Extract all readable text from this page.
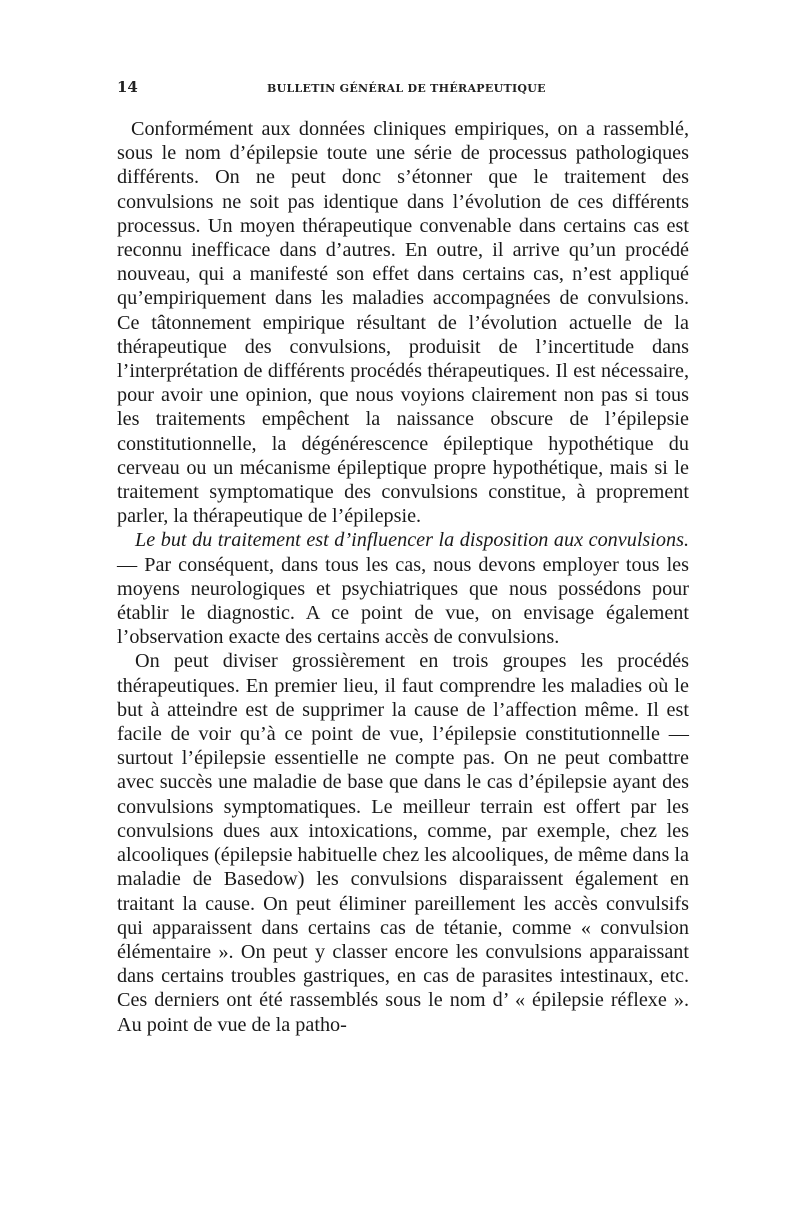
14	BULLETIN GÉNÉRAL DE THÉRAPEUTIQUE

Conformément aux données cliniques empiriques, on a rassemblé, sous le nom d’épilepsie toute une série de processus pathologiques différents. On ne peut donc s’étonner que le traitement des convulsions ne soit pas identique dans l’évolution de ces différents processus. Un moyen thérapeutique convenable dans certains cas est reconnu inefficace dans d’autres. En outre, il arrive qu’un procédé nouveau, qui a manifesté son effet dans certains cas, n’est appliqué qu’empiriquement dans les maladies accompagnées de convulsions. Ce tâtonnement empirique résultant de l’évolution actuelle de la thérapeutique des convulsions, produisit de l’incertitude dans l’interprétation de différents procédés thérapeutiques. Il est nécessaire, pour avoir une opinion, que nous voyions clairement non pas si tous les traitements empêchent la naissance obscure de l’épilepsie constitutionnelle, la dégénérescence épileptique hypothétique du cerveau ou un mécanisme épileptique propre hypothétique, mais si le traitement symptomatique des convulsions constitue, à proprement parler, la thérapeutique de l’épilepsie.

Le but du traitement est d’influencer la disposition aux convulsions. — Par conséquent, dans tous les cas, nous devons employer tous les moyens neurologiques et psychiatriques que nous possédons pour établir le diagnostic. A ce point de vue, on envisage également l’observation exacte des certains accès de convulsions.

On peut diviser grossièrement en trois groupes les procédés thérapeutiques. En premier lieu, il faut comprendre les maladies où le but à atteindre est de supprimer la cause de l’affection même. Il est facile de voir qu’à ce point de vue, l’épilepsie constitutionnelle — surtout l’épilepsie essentielle ne compte pas. On ne peut combattre avec succès une maladie de base que dans le cas d’épilepsie ayant des convulsions symptomatiques. Le meilleur terrain est offert par les convulsions dues aux intoxications, comme, par exemple, chez les alcooliques (épilepsie habituelle chez les alcooliques, de même dans la maladie de Basedow) les convulsions disparaissent également en traitant la cause. On peut éliminer pareillement les accès convulsifs qui apparaissent dans certains cas de tétanie, comme « convulsion élémentaire ». On peut y classer encore les convulsions apparaissant dans certains troubles gastriques, en cas de parasites intestinaux, etc. Ces derniers ont été rassemblés sous le nom d’ « épilepsie réflexe ». Au point de vue de la patho-
